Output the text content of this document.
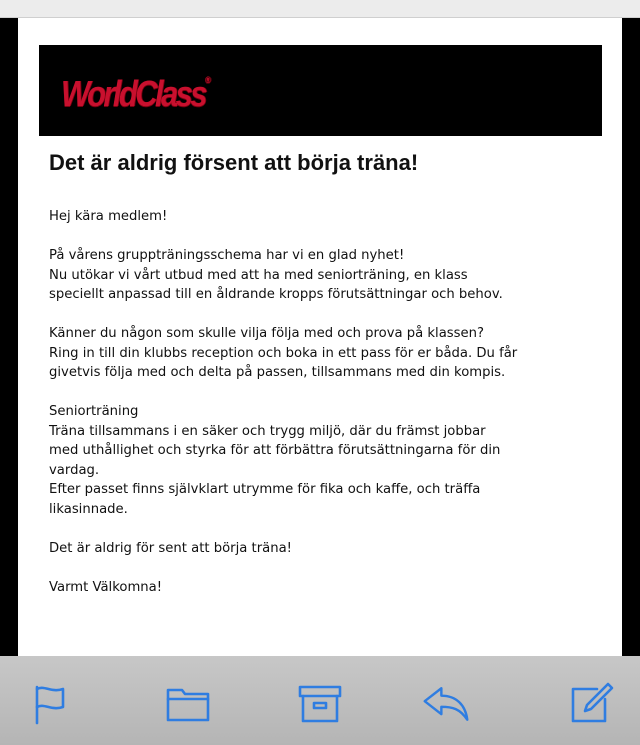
WorldClass®
Det är aldrig försent att börja träna!

Hej kära medlem!

På vårens gruppträningsschema har vi en glad nyhet!
Nu utökar vi vårt utbud med att ha med seniorträning, en klass
speciellt anpassad till en åldrande kropps förutsättningar och behov.

Känner du någon som skulle vilja följa med och prova på klassen?
Ring in till din klubbs reception och boka in ett pass för er båda. Du får
givetvis följa med och delta på passen, tillsammans med din kompis.

Seniorträning
Träna tillsammans i en säker och trygg miljö, där du främst jobbar
med uthållighet och styrka för att förbättra förutsättningarna för din
vardag.
Efter passet finns självklart utrymme för fika och kaffe, och träffa
likasinnade.

Det är aldrig för sent att börja träna!

Varmt Välkomna!
